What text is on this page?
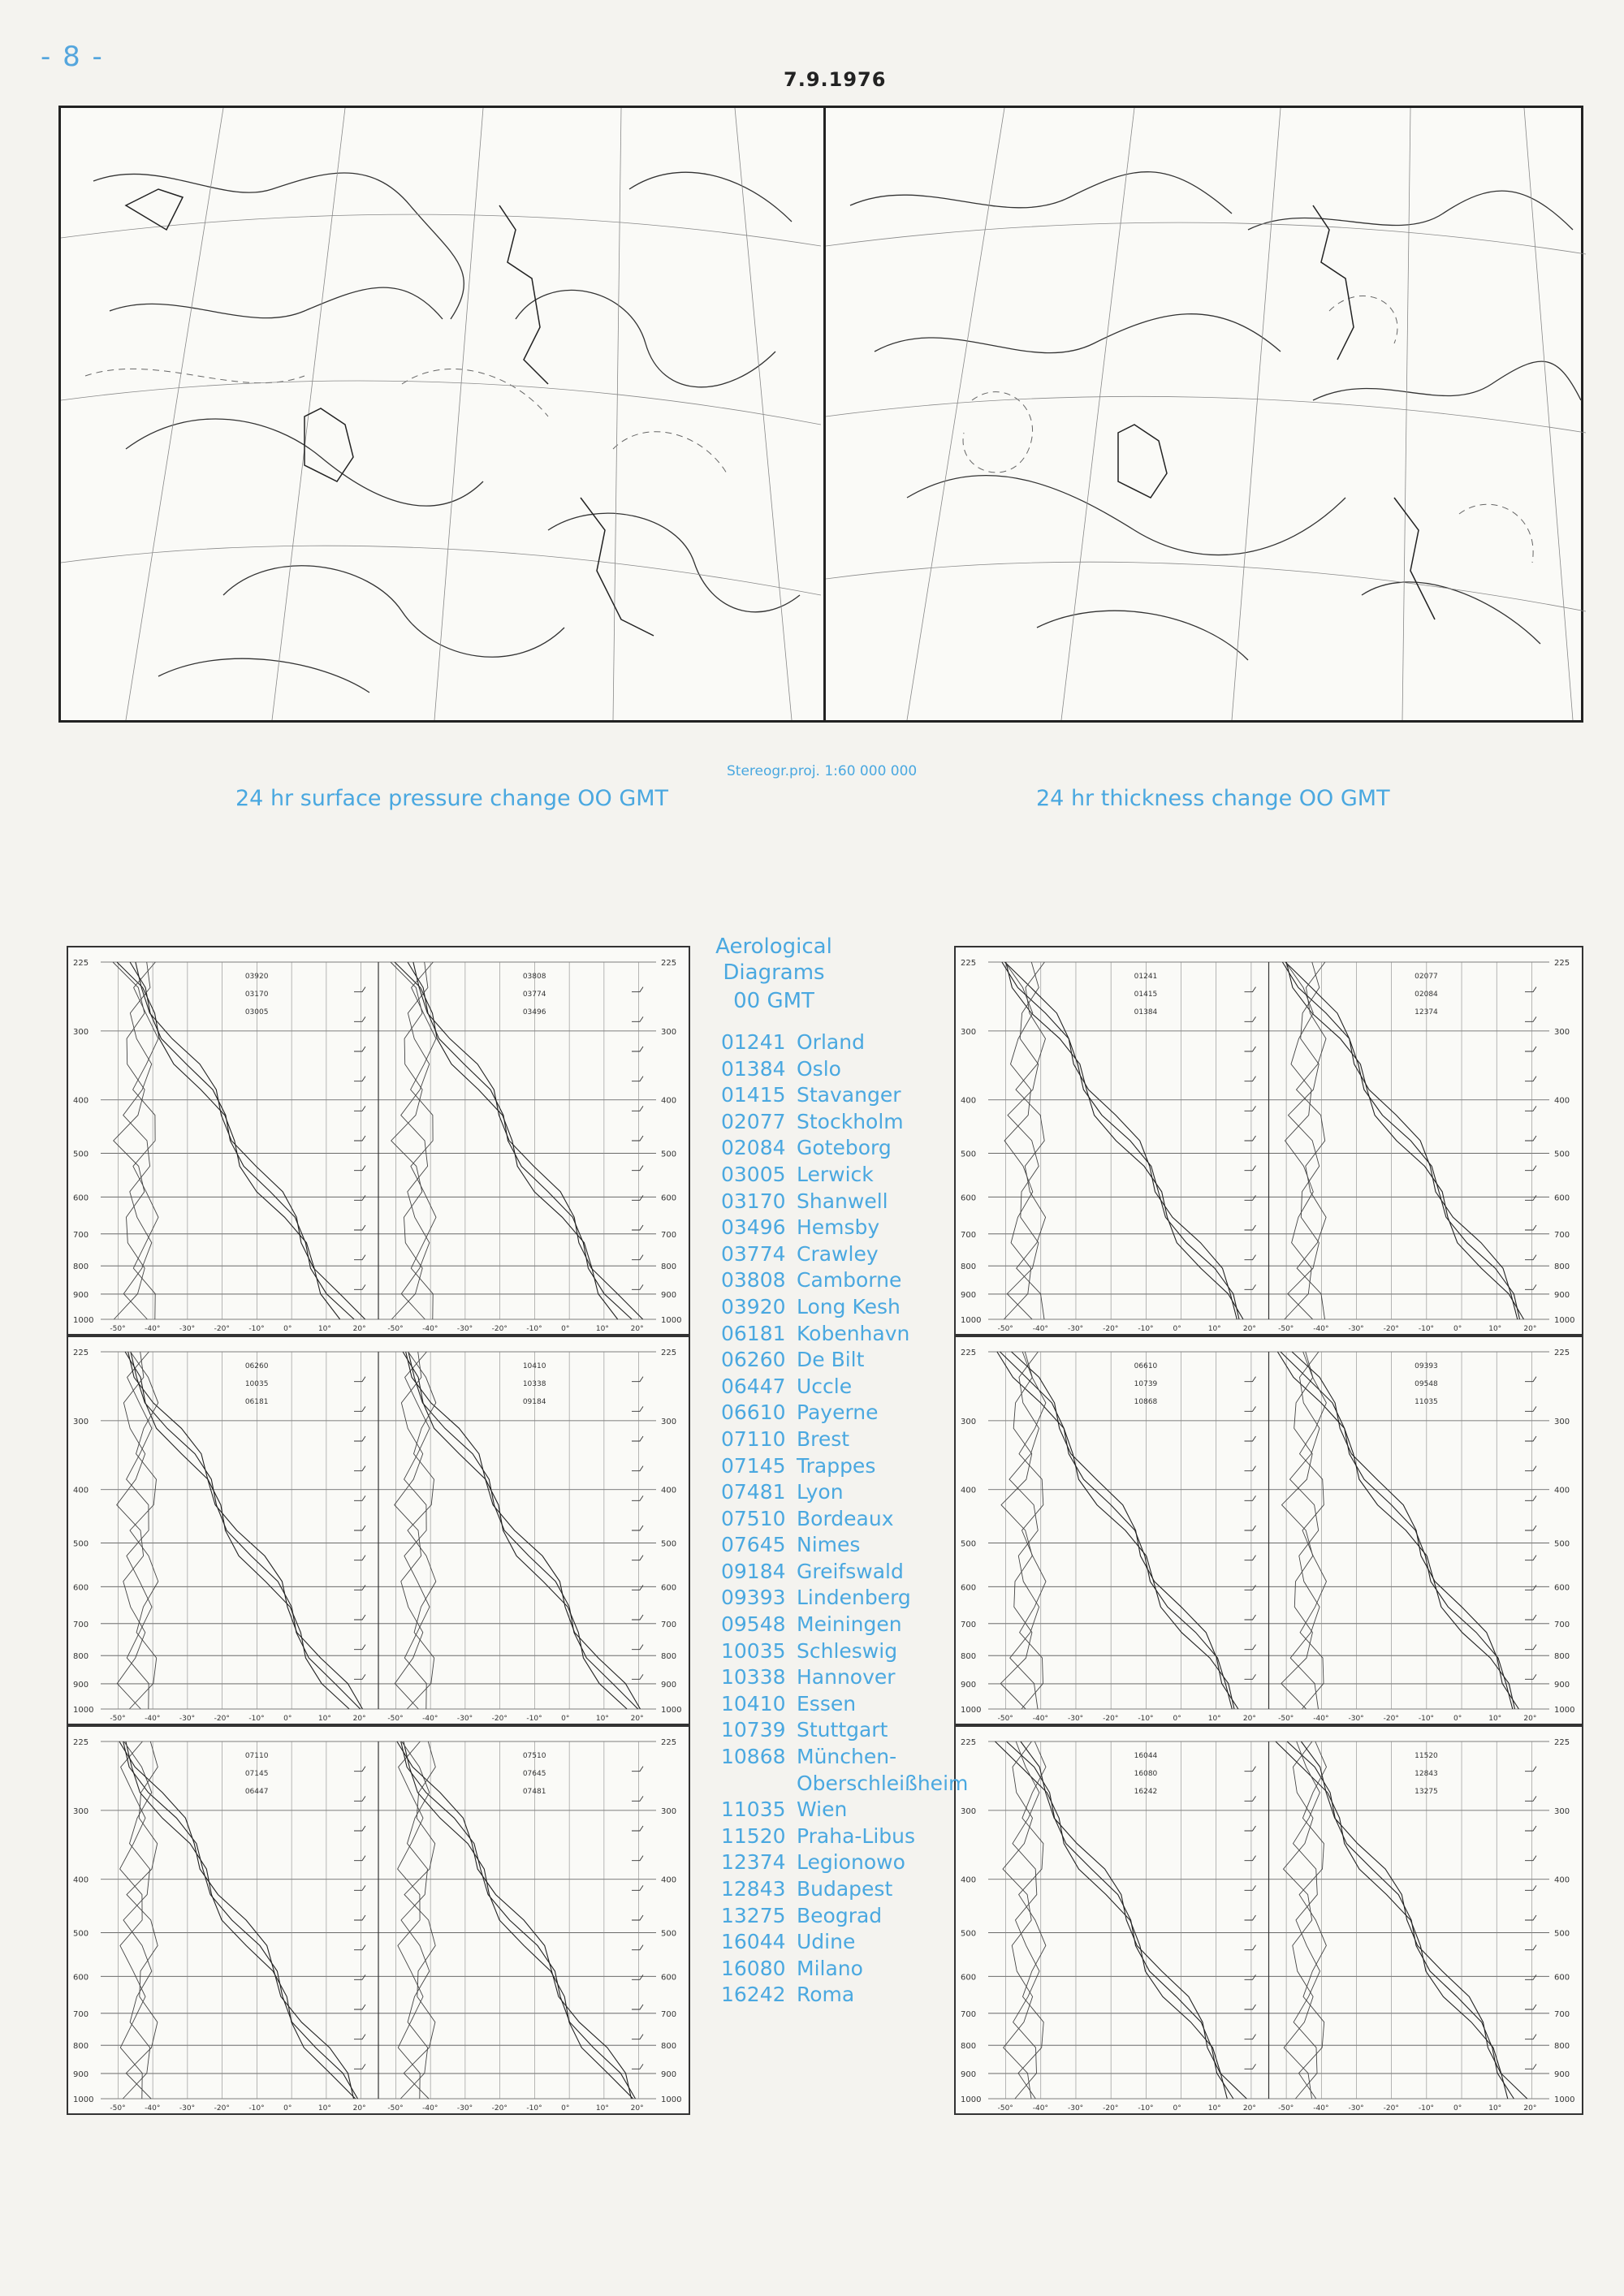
- 8 -
7.9.1976
24 hr surface pressure change OO GMT
Stereogr.proj. 1:60 000 000
24 hr thickness change OO GMT
225	225
300	300
400	400
500	500
600	600
700	700
800	800
900	900
1000	1000
-50°	-40°	-30°	-20°	-10°	0°	10°	20°
03920
03170
03005
-50°	-40°	-30°	-20°	-10°	0°	10°	20°
03808
03774
03496
225	225
300	300
400	400
500	500
600	600
700	700
800	800
900	900
1000	1000
-50°	-40°	-30°	-20°	-10°	0°	10°	20°
06260
10035
06181
-50°	-40°	-30°	-20°	-10°	0°	10°	20°
10410
10338
09184
225	225
300	300
400	400
500	500
600	600
700	700
800	800
900	900
1000	1000
-50°	-40°	-30°	-20°	-10°	0°	10°	20°
07110
07145
06447
-50°	-40°	-30°	-20°	-10°	0°	10°	20°
07510
07645
07481
225	225
300	300
400	400
500	500
600	600
700	700
800	800
900	900
1000	1000
-50°	-40°	-30°	-20°	-10°	0°	10°	20°
01241
01415
01384
-50°	-40°	-30°	-20°	-10°	0°	10°	20°
02077
02084
12374
225	225
300	300
400	400
500	500
600	600
700	700
800	800
900	900
1000	1000
-50°	-40°	-30°	-20°	-10°	0°	10°	20°
06610
10739
10868
-50°	-40°	-30°	-20°	-10°	0°	10°	20°
09393
09548
11035
225	225
300	300
400	400
500	500
600	600
700	700
800	800
900	900
1000	1000
-50°	-40°	-30°	-20°	-10°	0°	10°	20°
16044
16080
16242
-50°	-40°	-30°	-20°	-10°	0°	10°	20°
11520
12843
13275
Aerological
Diagrams
00 GMT
01241 Orland
01384 Oslo
01415 Stavanger
02077 Stockholm
02084 Goteborg
03005 Lerwick
03170 Shanwell
03496 Hemsby
03774 Crawley
03808 Camborne
03920 Long Kesh
06181 Kobenhavn
06260 De Bilt
06447 Uccle
06610 Payerne
07110 Brest
07145 Trappes
07481 Lyon
07510 Bordeaux
07645 Nimes
09184 Greifswald
09393 Lindenberg
09548 Meiningen
10035 Schleswig
10338 Hannover
10410 Essen
10739 Stuttgart
10868 München-
Oberschleißheim
11035 Wien
11520 Praha-Libus
12374 Legionowo
12843 Budapest
13275 Beograd
16044 Udine
16080 Milano
16242 Roma
